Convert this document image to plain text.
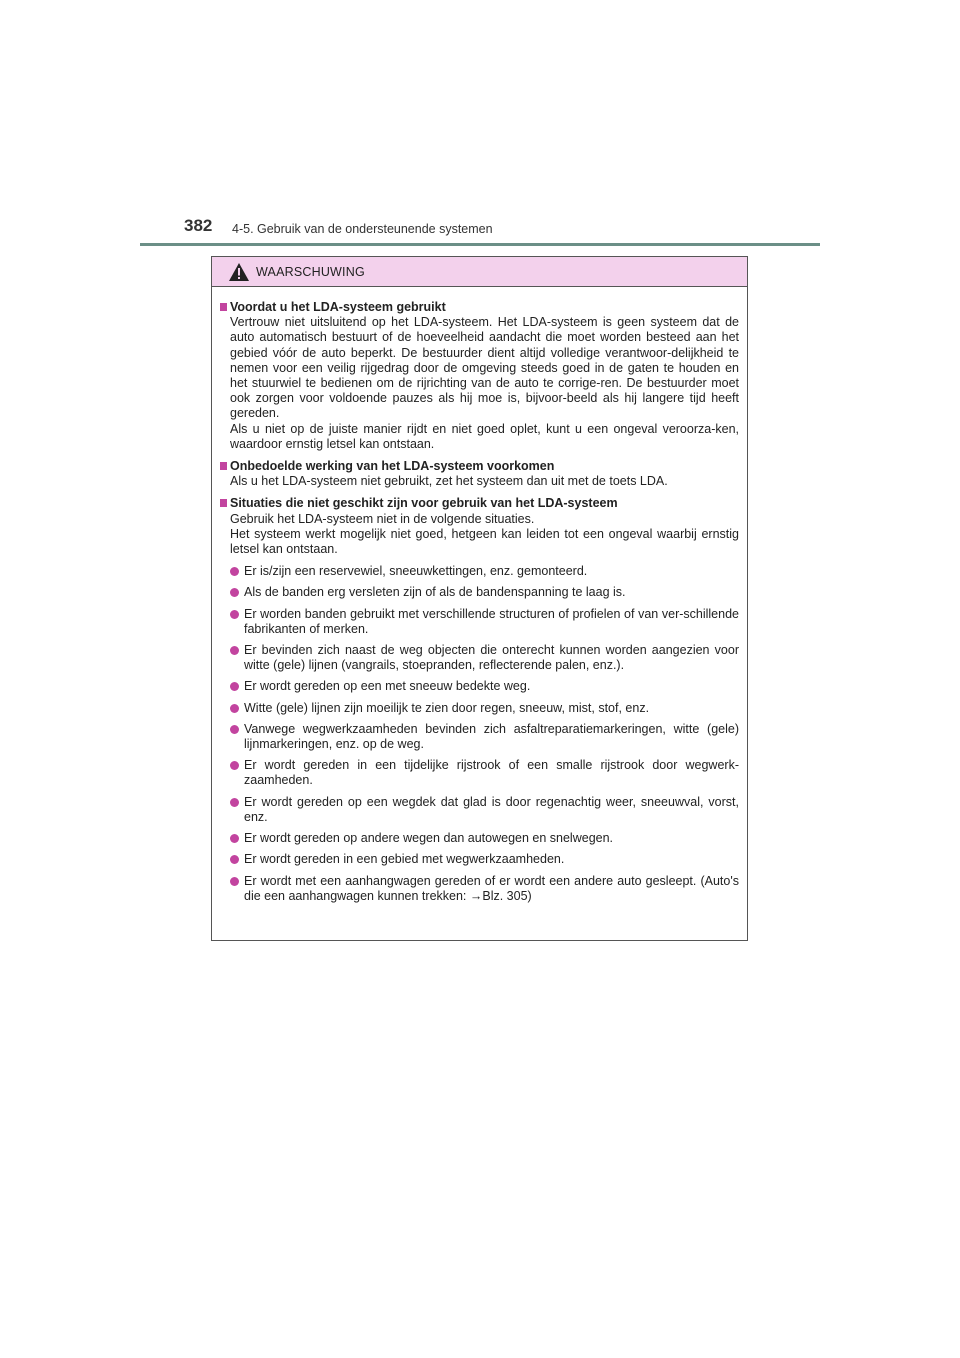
382 4-5. Gebruik van de ondersteunende systemen
WAARSCHUWING
Voordat u het LDA-systeem gebruikt
Vertrouw niet uitsluitend op het LDA-systeem. Het LDA-systeem is geen systeem dat de auto automatisch bestuurt of de hoeveelheid aandacht die moet worden besteed aan het gebied vóór de auto beperkt. De bestuurder dient altijd volledige verantwoor-delijkheid te nemen voor een veilig rijgedrag door de omgeving steeds goed in de gaten te houden en het stuurwiel te bedienen om de rijrichting van de auto te corrige-ren. De bestuurder moet ook zorgen voor voldoende pauzes als hij moe is, bijvoor-beeld als hij langere tijd heeft gereden.
Als u niet op de juiste manier rijdt en niet goed oplet, kunt u een ongeval veroorza-ken, waardoor ernstig letsel kan ontstaan.
Onbedoelde werking van het LDA-systeem voorkomen
Als u het LDA-systeem niet gebruikt, zet het systeem dan uit met de toets LDA.
Situaties die niet geschikt zijn voor gebruik van het LDA-systeem
Gebruik het LDA-systeem niet in de volgende situaties.
Het systeem werkt mogelijk niet goed, hetgeen kan leiden tot een ongeval waarbij ernstig letsel kan ontstaan.
Er is/zijn een reservewiel, sneeuwkettingen, enz. gemonteerd.
Als de banden erg versleten zijn of als de bandenspanning te laag is.
Er worden banden gebruikt met verschillende structuren of profielen of van ver-schillende fabrikanten of merken.
Er bevinden zich naast de weg objecten die onterecht kunnen worden aangezien voor witte (gele) lijnen (vangrails, stoepranden, reflecterende palen, enz.).
Er wordt gereden op een met sneeuw bedekte weg.
Witte (gele) lijnen zijn moeilijk te zien door regen, sneeuw, mist, stof, enz.
Vanwege wegwerkzaamheden bevinden zich asfaltreparatiemarkeringen, witte (gele) lijnmarkeringen, enz. op de weg.
Er wordt gereden in een tijdelijke rijstrook of een smalle rijstrook door wegwerk-zaamheden.
Er wordt gereden op een wegdek dat glad is door regenachtig weer, sneeuwval, vorst, enz.
Er wordt gereden op andere wegen dan autowegen en snelwegen.
Er wordt gereden in een gebied met wegwerkzaamheden.
Er wordt met een aanhangwagen gereden of er wordt een andere auto gesleept. (Auto's die een aanhangwagen kunnen trekken: →Blz. 305)
